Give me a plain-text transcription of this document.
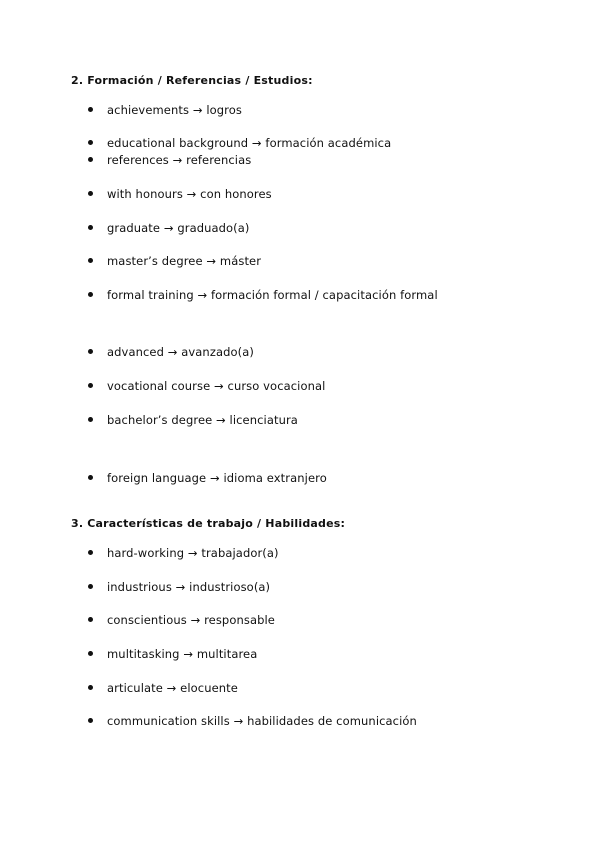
2. Formación / Referencias / Estudios:
achievements → logros
educational background → formación académica
references → referencias
with honours → con honores
graduate → graduado(a)
master’s degree → máster
formal training → formación formal / capacitación formal
advanced → avanzado(a)
vocational course → curso vocacional
bachelor’s degree → licenciatura
foreign language → idioma extranjero
3. Características de trabajo / Habilidades:
hard-working → trabajador(a)
industrious → industrioso(a)
conscientious → responsable
multitasking → multitarea
articulate → elocuente
communication skills → habilidades de comunicación
